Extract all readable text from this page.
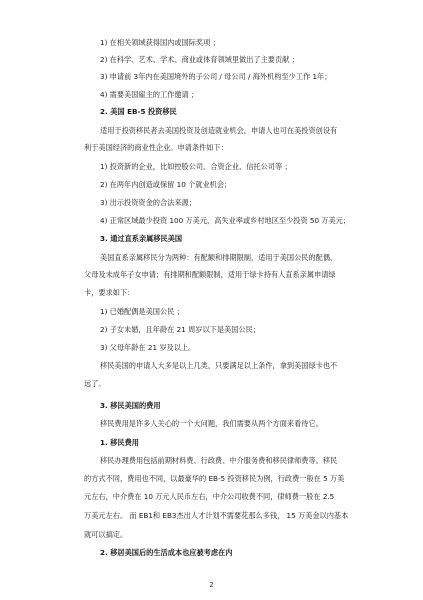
1) 在相关领域获得国内或国际奖项 ；
2) 在科学、艺术、学术、商业或体育领域里做出了主要贡献 ；
3) 申请前 3年内在美国境外的子公司 / 母公司 / 海外机构至少工作 1年；
4) 需要美国雇主的工作邀请 ；
2. 美国 EB-5 投资移民
适用于投资移民者去美国投资及创造就业机会，申请人也可在美投资创设有
利于美国经济的商业性企业。申请条件如下：
1) 投资新的企业，比如控股公司、合资企业、信托公司等 ；
2) 在两年内创造或保留 10 个就业机会；
3) 出示投资资金的合法来源；
4) 正常区域最少投资 100 万美元，高失业率或乡村地区至少投资 50 万美元；
3. 通过直系亲属移民美国
美国直系亲属移民分为两种：有配额和排期限制，适用于美国公民的配偶、
父母及未成年子女申请；有排期和配额限制，适用于绿卡持有人直系亲属申请绿
卡，要求如下：
1) 已婚配偶是美国公民 ；
2) 子女未婚，且年龄在 21 周岁以下是美国公民；
3) 父母年龄在 21 岁及以上。
移民美国的申请人大多是以上几类，只要满足以上条件，拿到美国绿卡也不
远了。
3. 移民美国的费用
移民费用是许多人关心的一个大问题，我们需要从两个方面来看待它。
1. 移民费用
移民办理费用包括前期材料费、行政费、中介服务费和移民律师费等。移民
的方式不同，费用也不同，以最豪华的 EB-5 投资移民为例，行政费一般在 5 万美
元左右，中介费在 10 万元人民币左右，中介公司收费不同，律师费一般在 2.5
万美元左右。 而 EB1和 EB3杰出人才计划不需要花那么多钱， 15 万美金以内基本
就可以搞定。
2. 移居美国后的生活成本也应被考虑在内
2
